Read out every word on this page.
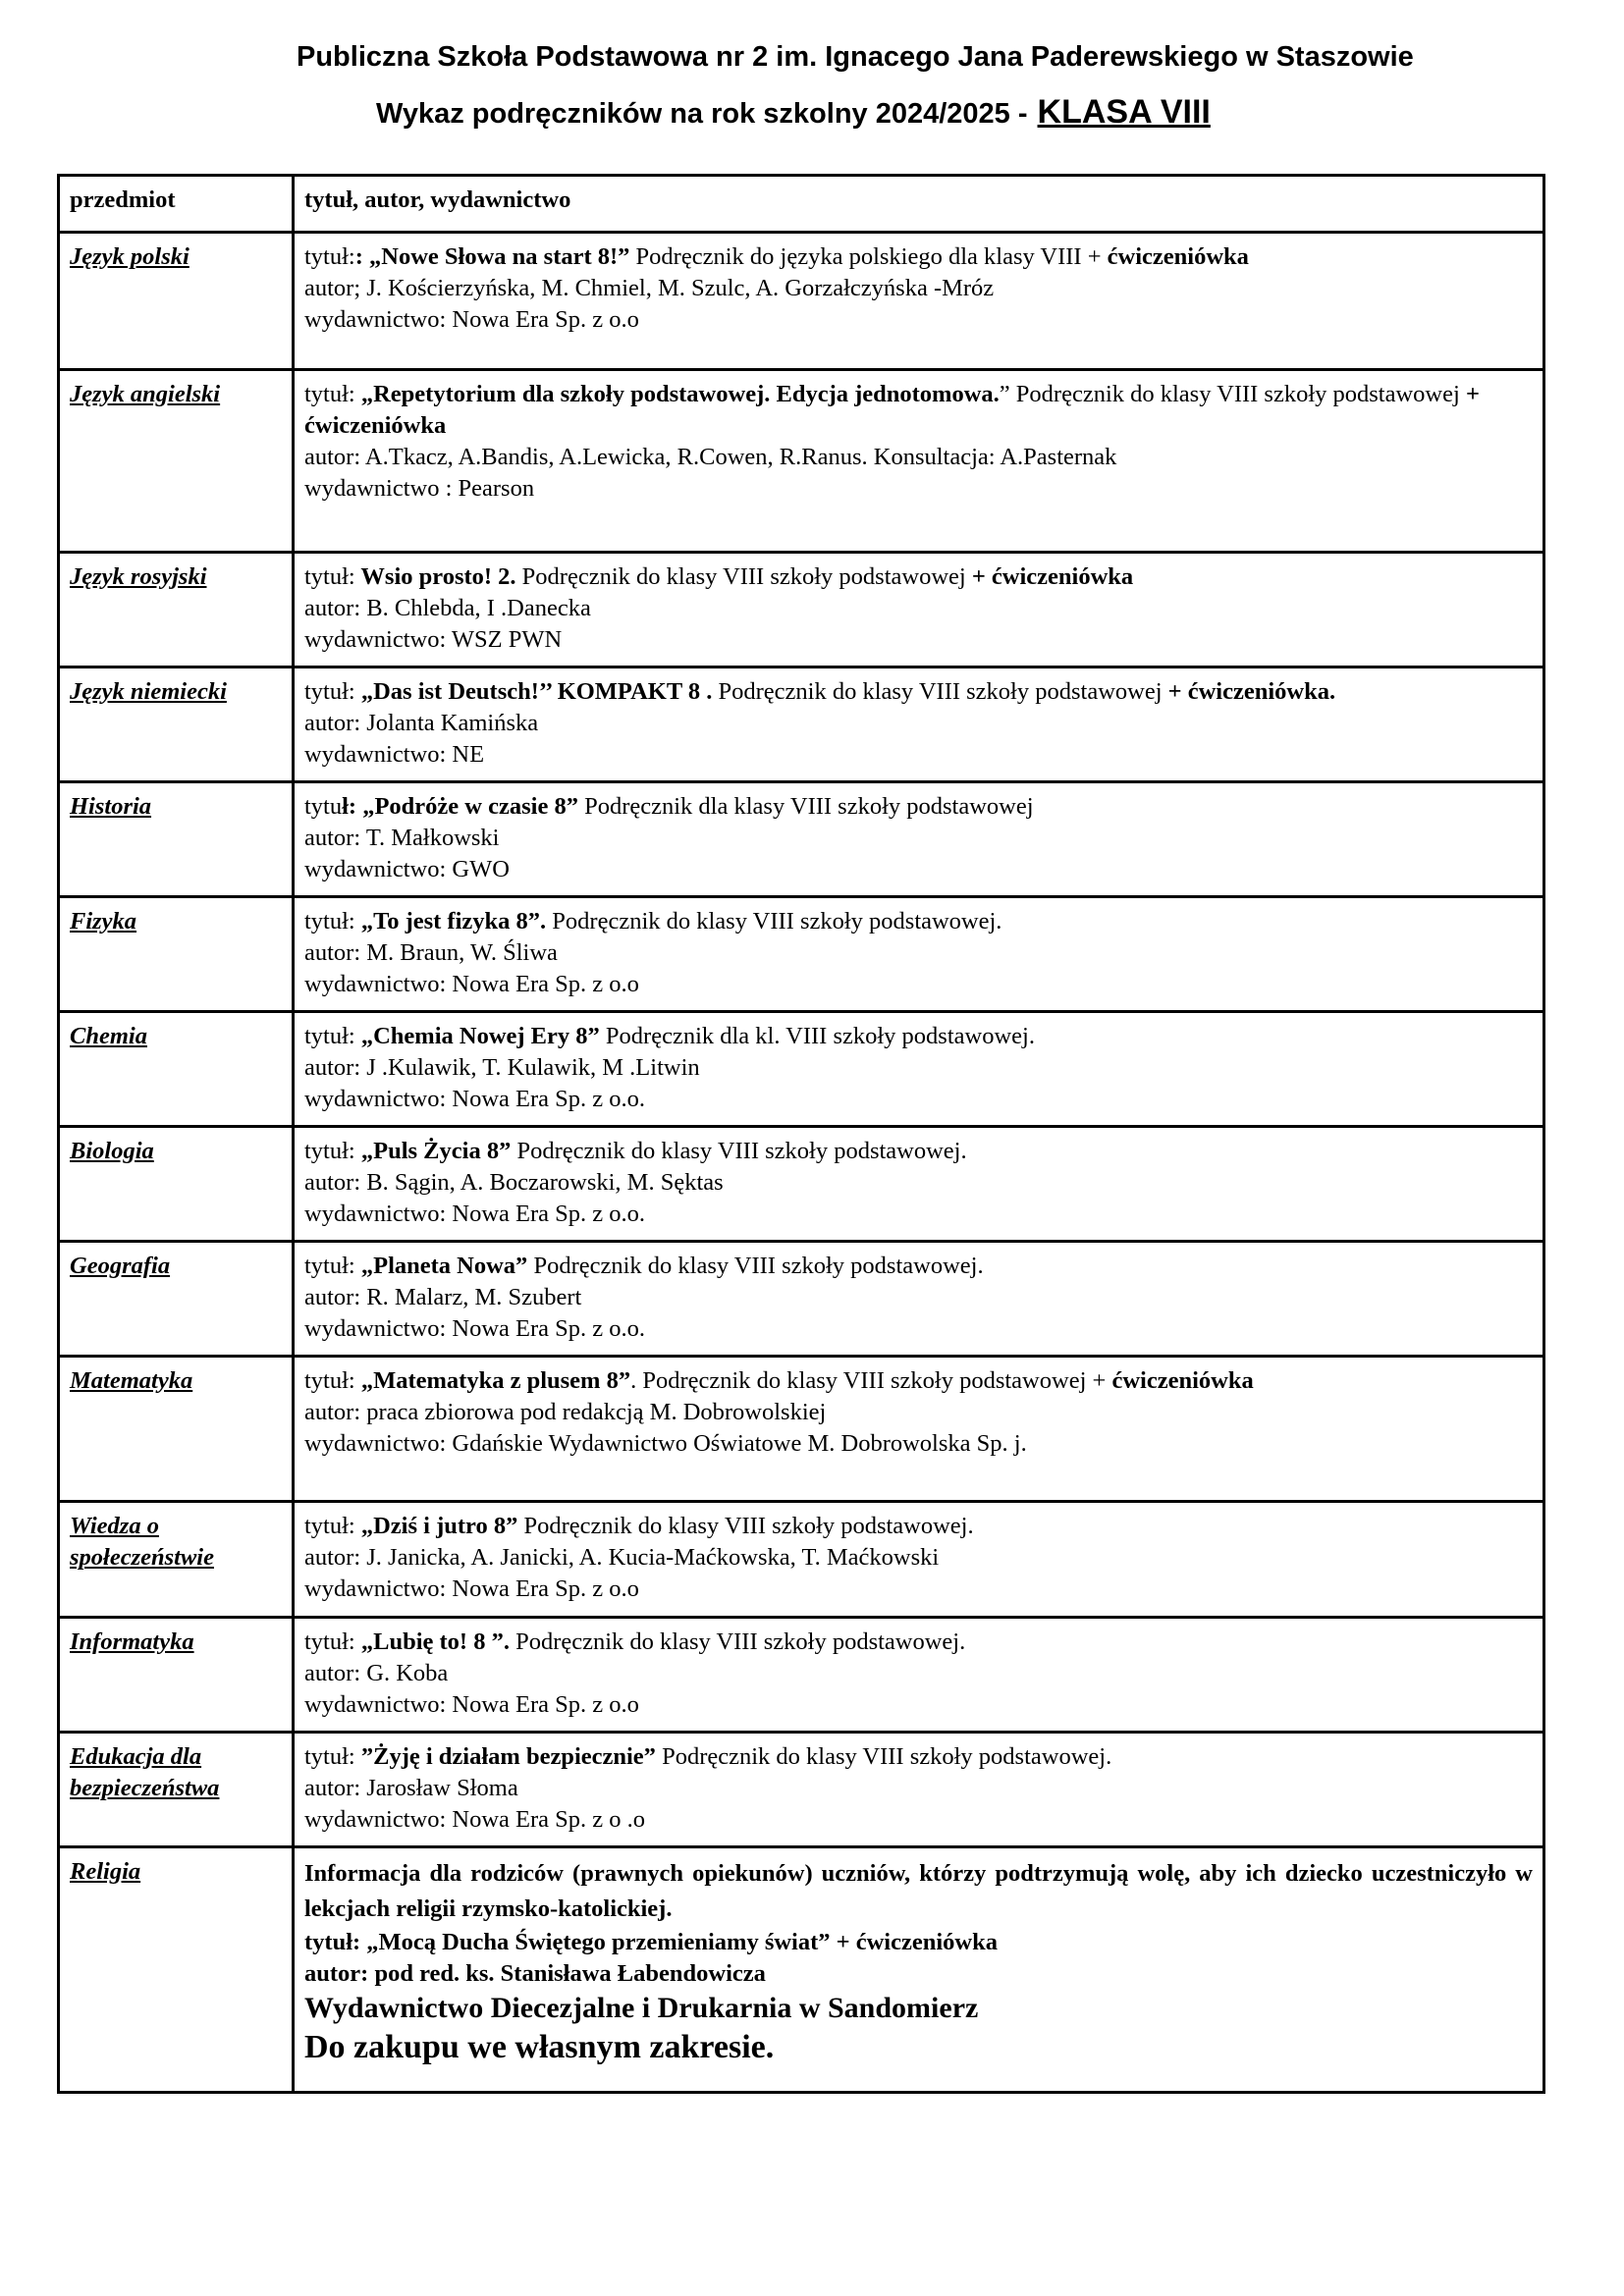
Publiczna Szkoła Podstawowa nr 2 im. Ignacego Jana Paderewskiego w Staszowie
Wykaz podręczników na rok szkolny 2024/2025 - KLASA VIII
przedmiot	tytuł, autor, wydawnictwo
Język polski	tytuł:: „Nowe Słowa na start 8!” Podręcznik do języka polskiego dla klasy VIII + ćwiczeniówka
autor; J. Kościerzyńska, M. Chmiel, M. Szulc, A. Gorzałczyńska -Mróz
wydawnictwo: Nowa Era Sp. z o.o

Język angielski	tytuł: „Repetytorium dla szkoły podstawowej. Edycja jednotomowa.” Podręcznik do klasy VIII szkoły podstawowej + ćwiczeniówka
autor: A.Tkacz, A.Bandis, A.Lewicka, R.Cowen, R.Ranus. Konsultacja: A.Pasternak
wydawnictwo : Pearson

Język rosyjski	tytuł: Wsio prosto! 2. Podręcznik do klasy VIII szkoły podstawowej + ćwiczeniówka
autor: B. Chlebda, I .Danecka
wydawnictwo: WSZ PWN

Język niemiecki	tytuł: „Das ist Deutsch!’’ KOMPAKT 8 . Podręcznik do klasy VIII szkoły podstawowej + ćwiczeniówka.
autor: Jolanta Kamińska
wydawnictwo: NE

Historia	tytuł: „Podróże w czasie 8” Podręcznik dla klasy VIII szkoły podstawowej
autor: T. Małkowski
wydawnictwo: GWO

Fizyka	tytuł: „To jest fizyka 8”. Podręcznik do klasy VIII szkoły podstawowej.
autor: M. Braun, W. Śliwa
wydawnictwo: Nowa Era Sp. z o.o

Chemia	tytuł: „Chemia Nowej Ery 8” Podręcznik dla kl. VIII szkoły podstawowej.
autor: J .Kulawik, T. Kulawik, M .Litwin
wydawnictwo: Nowa Era Sp. z o.o.

Biologia	tytuł: „Puls Życia 8” Podręcznik do klasy VIII szkoły podstawowej.
autor: B. Sągin, A. Boczarowski, M. Sęktas
wydawnictwo: Nowa Era Sp. z o.o.

Geografia	tytuł: „Planeta Nowa” Podręcznik do klasy VIII szkoły podstawowej.
autor: R. Malarz, M. Szubert
wydawnictwo: Nowa Era Sp. z o.o.

Matematyka	tytuł: „Matematyka z plusem 8”. Podręcznik do klasy VIII szkoły podstawowej + ćwiczeniówka
autor: praca zbiorowa pod redakcją M. Dobrowolskiej
wydawnictwo: Gdańskie Wydawnictwo Oświatowe M. Dobrowolska Sp. j.

Wiedza o społeczeństwie	tytuł: „Dziś i jutro 8” Podręcznik do klasy VIII szkoły podstawowej.
autor: J. Janicka, A. Janicki, A. Kucia-Maćkowska, T. Maćkowski
wydawnictwo: Nowa Era Sp. z o.o

Informatyka	tytuł: „Lubię to! 8 ”. Podręcznik do klasy VIII szkoły podstawowej.
autor: G. Koba
wydawnictwo: Nowa Era Sp. z o.o

Edukacja dla bezpieczeństwa	tytuł: ”Żyję i działam bezpiecznie” Podręcznik do klasy VIII szkoły podstawowej.
autor: Jarosław Słoma
wydawnictwo: Nowa Era Sp. z o .o

Religia	Informacja dla rodziców (prawnych opiekunów) uczniów, którzy podtrzymują wolę, aby ich dziecko uczestniczyło w lekcjach religii rzymsko-katolickiej.
tytuł: „Mocą Ducha Świętego przemieniamy świat” + ćwiczeniówka
autor: pod red. ks. Stanisława Łabendowicza
Wydawnictwo Diecezjalne i Drukarnia w Sandomierz
Do zakupu we własnym zakresie.
